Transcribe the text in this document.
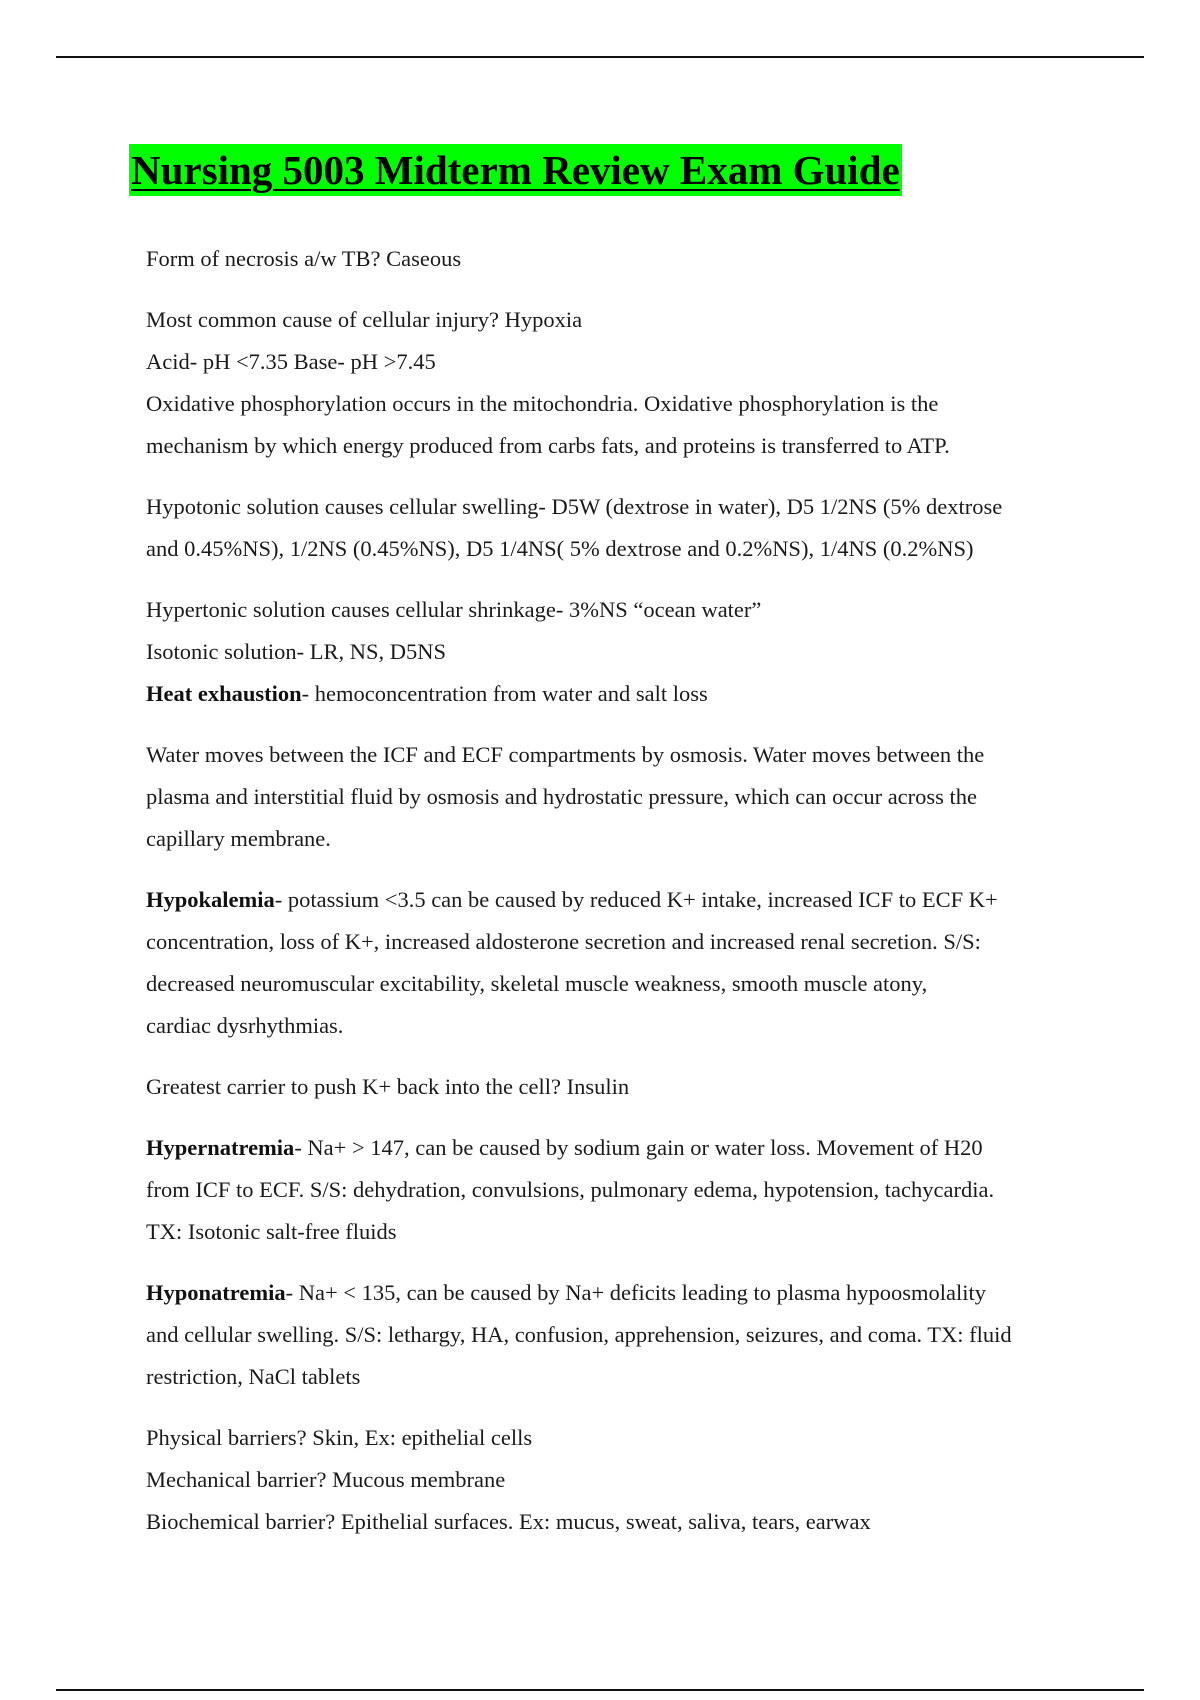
Nursing 5003 Midterm Review Exam Guide

Form of necrosis a/w TB? Caseous

Most common cause of cellular injury? Hypoxia

Acid- pH <7.35 Base- pH >7.45

Oxidative phosphorylation occurs in the mitochondria. Oxidative phosphorylation is the

mechanism by which energy produced from carbs fats, and proteins is transferred to ATP.

Hypotonic solution causes cellular swelling- D5W (dextrose in water), D5 1/2NS (5% dextrose

and 0.45%NS), 1/2NS (0.45%NS), D5 1/4NS( 5% dextrose and 0.2%NS), 1/4NS (0.2%NS)

Hypertonic solution causes cellular shrinkage- 3%NS “ocean water”

Isotonic solution- LR, NS, D5NS

Heat exhaustion- hemoconcentration from water and salt loss

Water moves between the ICF and ECF compartments by osmosis. Water moves between the

plasma and interstitial fluid by osmosis and hydrostatic pressure, which can occur across the

capillary membrane.

Hypokalemia- potassium <3.5 can be caused by reduced K+ intake, increased ICF to ECF K+

concentration, loss of K+, increased aldosterone secretion and increased renal secretion. S/S:

decreased neuromuscular excitability, skeletal muscle weakness, smooth muscle atony,

cardiac dysrhythmias.

Greatest carrier to push K+ back into the cell? Insulin

Hypernatremia- Na+ > 147, can be caused by sodium gain or water loss. Movement of H20

from ICF to ECF. S/S: dehydration, convulsions, pulmonary edema, hypotension, tachycardia.

TX: Isotonic salt-free fluids

Hyponatremia- Na+ < 135, can be caused by Na+ deficits leading to plasma hypoosmolality

and cellular swelling. S/S: lethargy, HA, confusion, apprehension, seizures, and coma. TX: fluid

restriction, NaCl tablets

Physical barriers? Skin, Ex: epithelial cells

Mechanical barrier? Mucous membrane

Biochemical barrier? Epithelial surfaces. Ex: mucus, sweat, saliva, tears, earwax
